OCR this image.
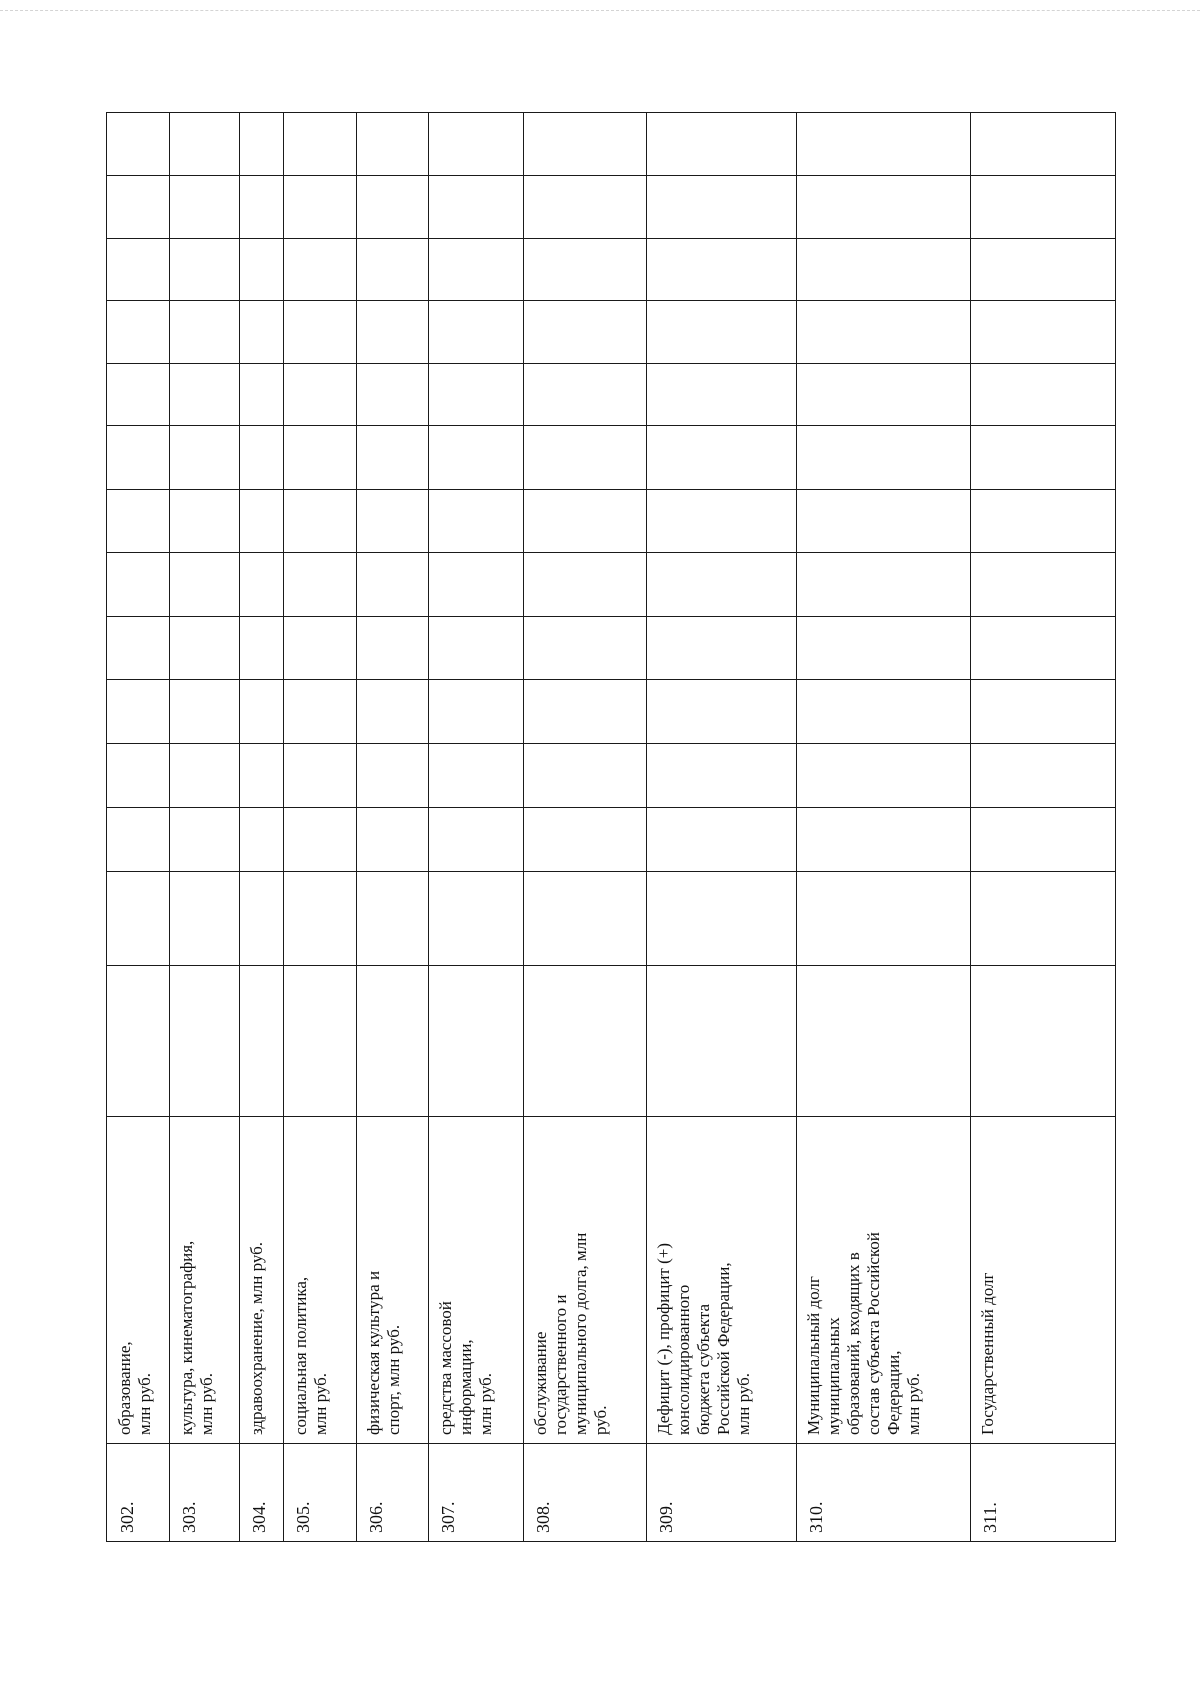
302.
образование,
млн руб.
303.
культура, кинематография,
млн руб.
304.
здравоохранение, млн руб.
305.
социальная политика,
млн руб.
306.
физическая культура и
спорт, млн руб.
307.
средства массовой
информации,
млн руб.
308.
обслуживание
государственного и
муниципального долга, млн
руб.
309.
Дефицит (-), профицит (+)
консолидированного
бюджета субъекта
Российской Федерации,
млн руб.
310.
Муниципальный долг
муниципальных
образований, входящих в
состав субъекта Российской
Федерации,
млн руб.
311.
Государственный долг
